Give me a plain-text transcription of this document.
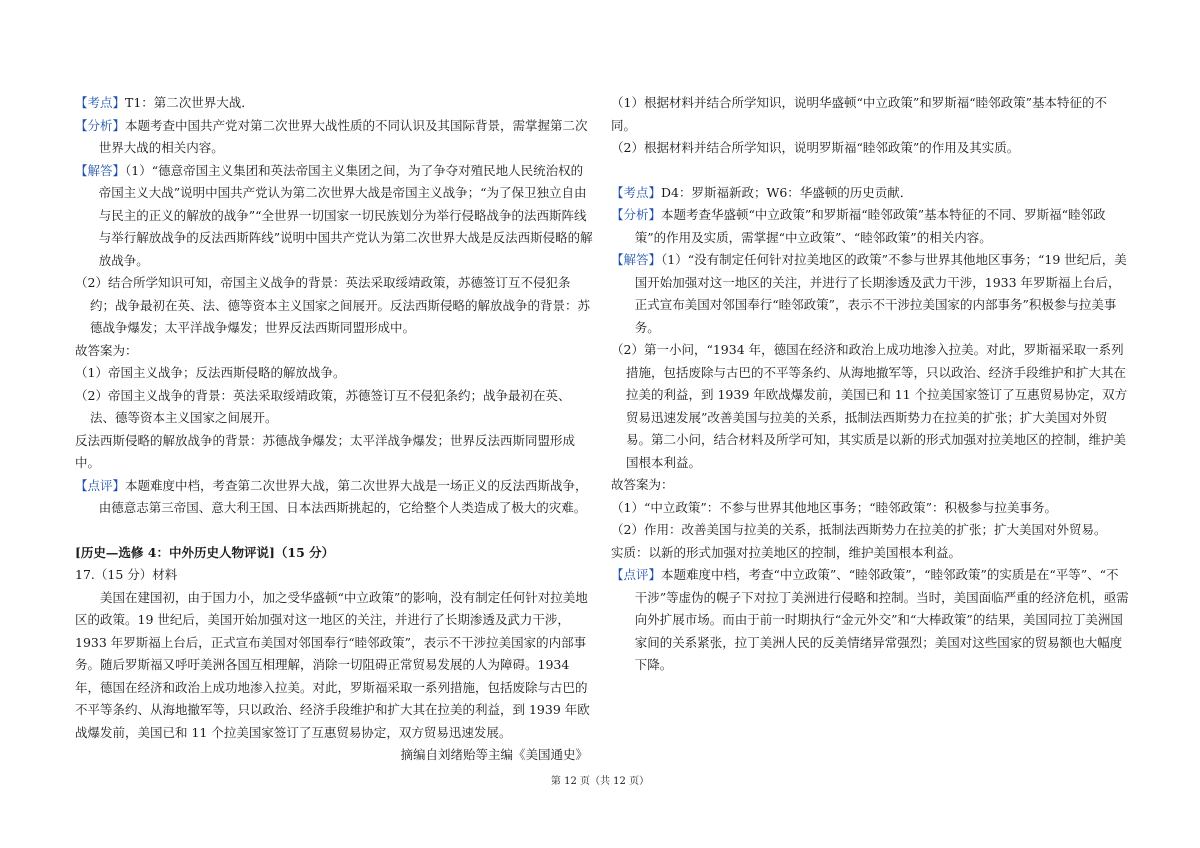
【考点】T1：第二次世界大战．

【分析】本题考查中国共产党对第二次世界大战性质的不同认识及其国际背景，需掌握第二次世界大战的相关内容。

【解答】（1）“德意帝国主义集团和英法帝国主义集团之间，为了争夺对殖民地人民统治权的帝国主义大战”说明中国共产党认为第二次世界大战是帝国主义战争；“为了保卫独立自由与民主的正义的解放的战争”“全世界一切国家一切民族划分为举行侵略战争的法西斯阵线与举行解放战争的反法西斯阵线”说明中国共产党认为第二次世界大战是反法西斯侵略的解放战争。

（2）结合所学知识可知，帝国主义战争的背景：英法采取绥靖政策，苏德签订互不侵犯条约；战争最初在英、法、德等资本主义国家之间展开。反法西斯侵略的解放战争的背景：苏德战争爆发；太平洋战争爆发；世界反法西斯同盟形成中。

故答案为：

（1）帝国主义战争；反法西斯侵略的解放战争。

（2）帝国主义战争的背景：英法采取绥靖政策，苏德签订互不侵犯条约；战争最初在英、法、德等资本主义国家之间展开。

反法西斯侵略的解放战争的背景：苏德战争爆发；太平洋战争爆发；世界反法西斯同盟形成中。

【点评】本题难度中档，考查第二次世界大战，第二次世界大战是一场正义的反法西斯战争，由德意志第三帝国、意大利王国、日本法西斯挑起的，它给整个人类造成了极大的灾难。

[历史—选修 4：中外历史人物评说]（15 分）

17.（15 分）材料

美国在建国初，由于国力小，加之受华盛顿“中立政策”的影响，没有制定任何针对拉美地区的政策。19 世纪后，美国开始加强对这一地区的关注，并进行了长期渗透及武力干涉，1933 年罗斯福上台后，正式宣布美国对邻国奉行“睦邻政策”，表示不干涉拉美国家的内部事务。随后罗斯福又呼吁美洲各国互相理解，消除一切阻碍正常贸易发展的人为障碍。1934 年，德国在经济和政治上成功地渗入拉美。对此，罗斯福采取一系列措施，包括废除与古巴的不平等条约、从海地撤军等，只以政治、经济手段维护和扩大其在拉美的利益，到 1939 年欧战爆发前，美国已和 11 个拉美国家签订了互惠贸易协定，双方贸易迅速发展。

摘编自刘绪贻等主编《美国通史》

（1）根据材料并结合所学知识，说明华盛顿“中立政策”和罗斯福“睦邻政策”基本特征的不同。

（2）根据材料并结合所学知识，说明罗斯福“睦邻政策”的作用及其实质。

【考点】D4：罗斯福新政；W6：华盛顿的历史贡献．

【分析】本题考查华盛顿“中立政策”和罗斯福“睦邻政策”基本特征的不同、罗斯福“睦邻政策”的作用及实质，需掌握“中立政策”、“睦邻政策”的相关内容。

【解答】（1）“没有制定任何针对拉美地区的政策”不参与世界其他地区事务；“19 世纪后，美国开始加强对这一地区的关注，并进行了长期渗透及武力干涉，1933 年罗斯福上台后，正式宣布美国对邻国奉行“睦邻政策”，表示不干涉拉美国家的内部事务”积极参与拉美事务。

（2）第一小问，“1934 年，德国在经济和政治上成功地渗入拉美。对此，罗斯福采取一系列措施，包括废除与古巴的不平等条约、从海地撤军等，只以政治、经济手段维护和扩大其在拉美的利益，到 1939 年欧战爆发前，美国已和 11 个拉美国家签订了互惠贸易协定，双方贸易迅速发展”改善美国与拉美的关系，抵制法西斯势力在拉美的扩张；扩大美国对外贸易。第二小问，结合材料及所学可知，其实质是以新的形式加强对拉美地区的控制，维护美国根本利益。

故答案为：

（1）“中立政策”：不参与世界其他地区事务；“睦邻政策”：积极参与拉美事务。

（2）作用：改善美国与拉美的关系，抵制法西斯势力在拉美的扩张；扩大美国对外贸易。

实质：以新的形式加强对拉美地区的控制，维护美国根本利益。

【点评】本题难度中档，考查“中立政策”、“睦邻政策”，“睦邻政策”的实质是在“平等”、“不干涉”等虚伪的幌子下对拉丁美洲进行侵略和控制。当时，美国面临严重的经济危机，亟需向外扩展市场。而由于前一时期执行“金元外交”和“大棒政策”的结果，美国同拉丁美洲国家间的关系紧张，拉丁美洲人民的反美情绪异常强烈；美国对这些国家的贸易额也大幅度下降。

第 12 页（共 12 页）
